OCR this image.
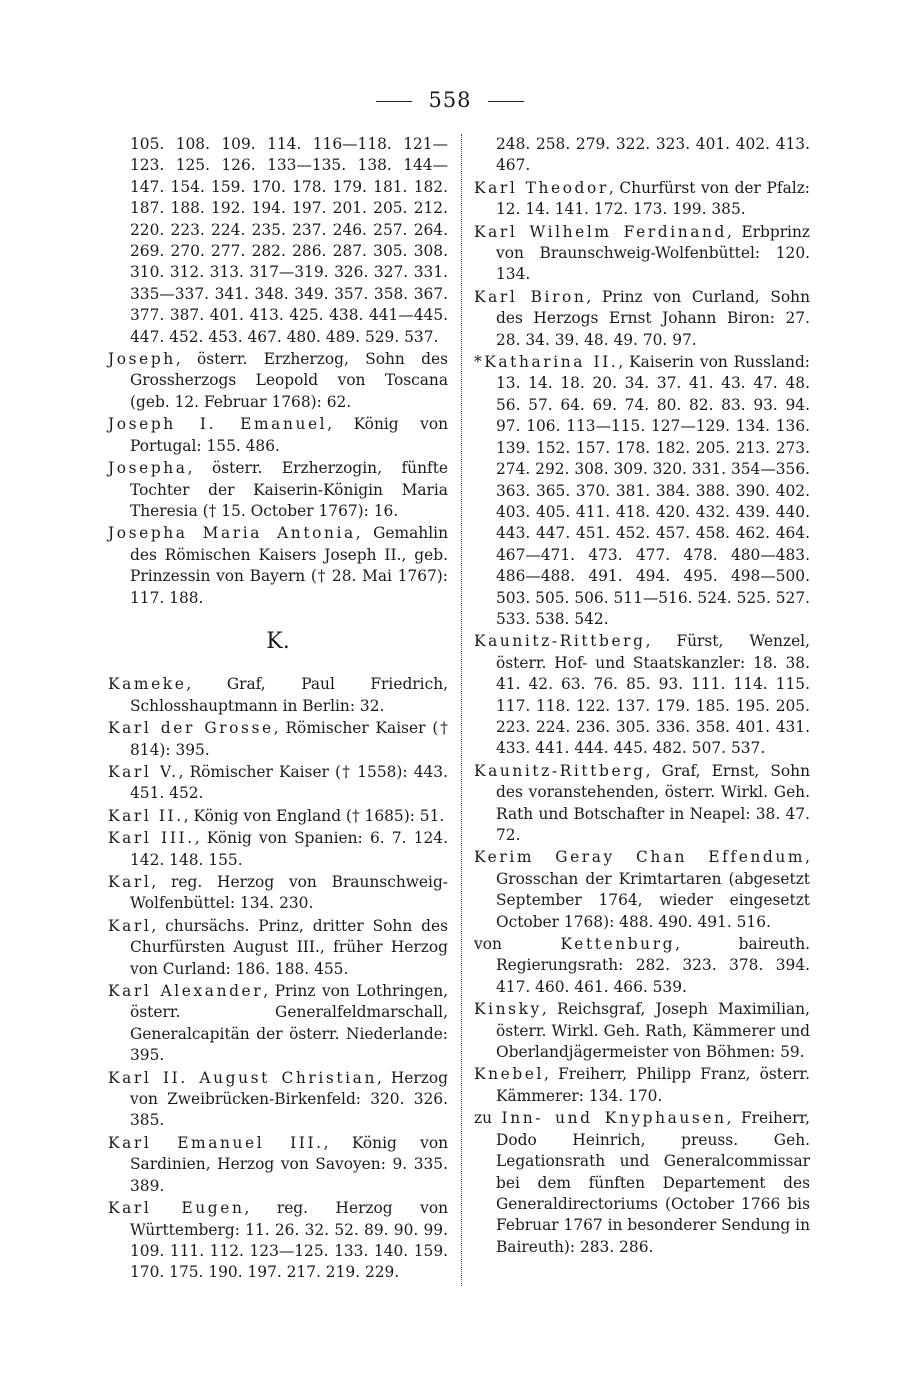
558
105. 108. 109. 114. 116—118. 121— 123. 125. 126. 133—135. 138. 144— 147. 154. 159. 170. 178. 179. 181. 182. 187. 188. 192. 194. 197. 201. 205. 212. 220. 223. 224. 235. 237. 246. 257. 264. 269. 270. 277. 282. 286. 287. 305. 308. 310. 312. 313. 317—319. 326. 327. 331. 335—337. 341. 348. 349. 357. 358. 367. 377. 387. 401. 413. 425. 438. 441—445. 447. 452. 453. 467. 480. 489. 529. 537.
Joseph, österr. Erzherzog, Sohn des Grossherzogs Leopold von Toscana (geb. 12. Februar 1768): 62.
Joseph I. Emanuel, König von Portugal: 155. 486.
Josepha, österr. Erzherzogin, fünfte Tochter der Kaiserin-Königin Maria Theresia († 15. October 1767): 16.
Josepha Maria Antonia, Gemahlin des Römischen Kaisers Joseph II., geb. Prinzessin von Bayern († 28. Mai 1767): 117. 188.
K.
Kameke, Graf, Paul Friedrich, Schlosshauptmann in Berlin: 32.
Karl der Grosse, Römischer Kaiser († 814): 395.
Karl V., Römischer Kaiser († 1558): 443. 451. 452.
Karl II., König von England († 1685): 51.
Karl III., König von Spanien: 6. 7. 124. 142. 148. 155.
Karl, reg. Herzog von Braunschweig-Wolfenbüttel: 134. 230.
Karl, chursächs. Prinz, dritter Sohn des Churfürsten August III., früher Herzog von Curland: 186. 188. 455.
Karl Alexander, Prinz von Lothringen, österr. Generalfeldmarschall, Generalcapitän der österr. Niederlande: 395.
Karl II. August Christian, Herzog von Zweibrücken-Birkenfeld: 320. 326. 385.
Karl Emanuel III., König von Sardinien, Herzog von Savoyen: 9. 335. 389.
Karl Eugen, reg. Herzog von Württemberg: 11. 26. 32. 52. 89. 90. 99. 109. 111. 112. 123—125. 133. 140. 159. 170. 175. 190. 197. 217. 219. 229.
248. 258. 279. 322. 323. 401. 402. 413. 467.
Karl Theodor, Churfürst von der Pfalz: 12. 14. 141. 172. 173. 199. 385.
Karl Wilhelm Ferdinand, Erbprinz von Braunschweig-Wolfenbüttel: 120. 134.
Karl Biron, Prinz von Curland, Sohn des Herzogs Ernst Johann Biron: 27. 28. 34. 39. 48. 49. 70. 97.
*Katharina II., Kaiserin von Russland: 13. 14. 18. 20. 34. 37. 41. 43. 47. 48. 56. 57. 64. 69. 74. 80. 82. 83. 93. 94. 97. 106. 113—115. 127—129. 134. 136. 139. 152. 157. 178. 182. 205. 213. 273. 274. 292. 308. 309. 320. 331. 354—356. 363. 365. 370. 381. 384. 388. 390. 402. 403. 405. 411. 418. 420. 432. 439. 440. 443. 447. 451. 452. 457. 458. 462. 464. 467—471. 473. 477. 478. 480—483. 486—488. 491. 494. 495. 498—500. 503. 505. 506. 511—516. 524. 525. 527. 533. 538. 542.
Kaunitz-Rittberg, Fürst, Wenzel, österr. Hof- und Staatskanzler: 18. 38. 41. 42. 63. 76. 85. 93. 111. 114. 115. 117. 118. 122. 137. 179. 185. 195. 205. 223. 224. 236. 305. 336. 358. 401. 431. 433. 441. 444. 445. 482. 507. 537.
Kaunitz-Rittberg, Graf, Ernst, Sohn des voranstehenden, österr. Wirkl. Geh. Rath und Botschafter in Neapel: 38. 47. 72.
Kerim Geray Chan Effendum, Grosschan der Krimtartaren (abgesetzt September 1764, wieder eingesetzt October 1768): 488. 490. 491. 516.
von Kettenburg, baireuth. Regierungsrath: 282. 323. 378. 394. 417. 460. 461. 466. 539.
Kinsky, Reichsgraf, Joseph Maximilian, österr. Wirkl. Geh. Rath, Kämmerer und Oberlandjägermeister von Böhmen: 59.
Knebel, Freiherr, Philipp Franz, österr. Kämmerer: 134. 170.
zu Inn- und Knyphausen, Freiherr, Dodo Heinrich, preuss. Geh. Legationsrath und Generalcommissar bei dem fünften Departement des Generaldirectoriums (October 1766 bis Februar 1767 in besonderer Sendung in Baireuth): 283. 286.
